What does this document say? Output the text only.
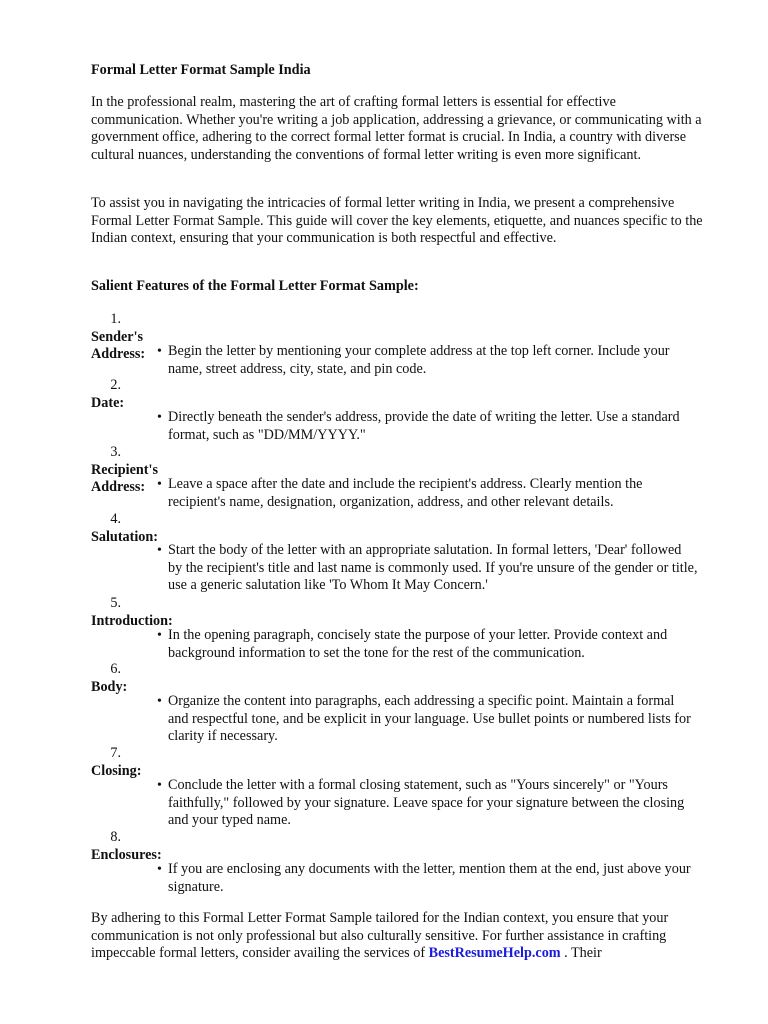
Formal Letter Format Sample India

In the professional realm, mastering the art of crafting formal letters is essential for effective communication. Whether you're writing a job application, addressing a grievance, or communicating with a government office, adhering to the correct formal letter format is crucial. In India, a country with diverse cultural nuances, understanding the conventions of formal letter writing is even more significant.

To assist you in navigating the intricacies of formal letter writing in India, we present a comprehensive Formal Letter Format Sample. This guide will cover the key elements, etiquette, and nuances specific to the Indian context, ensuring that your communication is both respectful and effective.

Salient Features of the Formal Letter Format Sample:
1.Sender's Address: • Begin the letter by mentioning your complete address at the top left corner. Include your name, street address, city, state, and pin code.
2.Date:
• Directly beneath the sender's address, provide the date of writing the letter. Use a standard format, such as "DD/MM/YYYY."
3.Recipient's Address: • Leave a space after the date and include the recipient's address. Clearly mention the recipient's name, designation, organization, address, and other relevant details.
4.Salutation:
• Start the body of the letter with an appropriate salutation. In formal letters, 'Dear' followed by the recipient's title and last name is commonly used. If you're unsure of the gender or title, use a generic salutation like 'To Whom It May Concern.'
5.Introduction:
• In the opening paragraph, concisely state the purpose of your letter. Provide context and background information to set the tone for the rest of the communication.
6.Body:
• Organize the content into paragraphs, each addressing a specific point. Maintain a formal and respectful tone, and be explicit in your language. Use bullet points or numbered lists for clarity if necessary.
7.Closing:
• Conclude the letter with a formal closing statement, such as "Yours sincerely" or "Yours faithfully," followed by your signature. Leave space for your signature between the closing and your typed name.
8.Enclosures:
• If you are enclosing any documents with the letter, mention them at the end, just above your signature.

By adhering to this Formal Letter Format Sample tailored for the Indian context, you ensure that your communication is not only professional but also culturally sensitive. For further assistance in crafting impeccable formal letters, consider availing the services of BestResumeHelp.com . Their
